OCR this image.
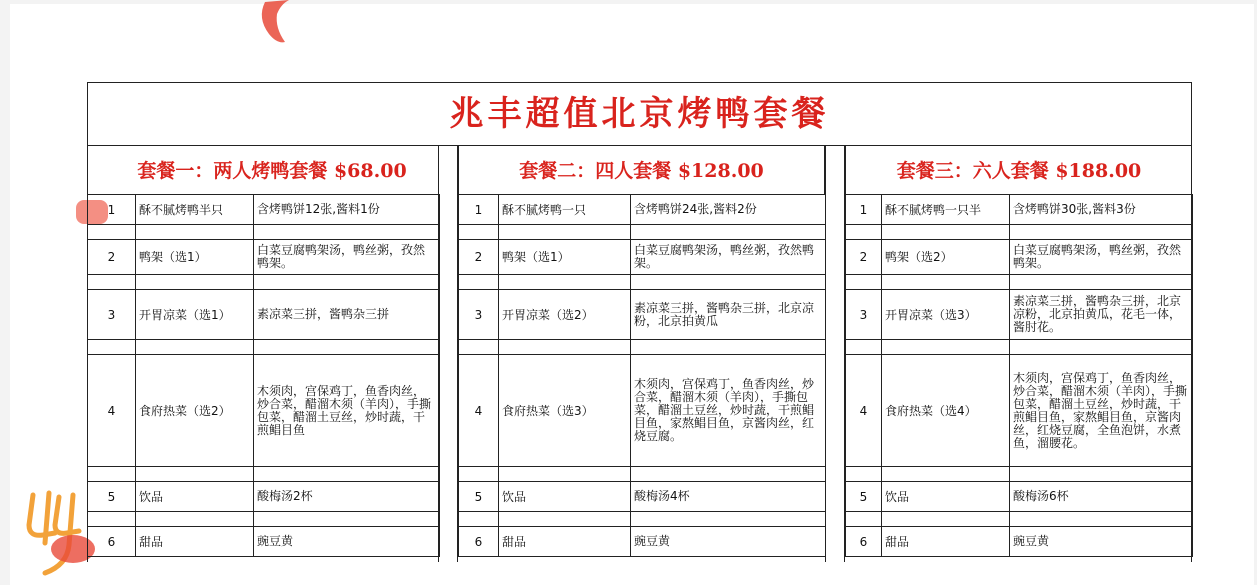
兆丰超值北京烤鸭套餐
套餐一：两人烤鸭套餐 $68.00	套餐二：四人套餐 $128.00	套餐三：六人套餐 $188.00
1	酥不腻烤鸭半只	含烤鸭饼12张,酱料1份

2	鸭架（选1）	白菜豆腐鸭架汤，鸭丝粥，孜然鸭架。

3	开胃凉菜（选1）	素凉菜三拼，酱鸭杂三拼

4	食府热菜（选2）	木须肉，宫保鸡丁，鱼香肉丝，炒合菜，醋溜木须（羊肉），手撕包菜，醋溜土豆丝，炒时蔬，干煎鲳目鱼

5	饮品	酸梅汤2杯

6	甜品	豌豆黄
1	酥不腻烤鸭一只	含烤鸭饼24张,酱料2份

2	鸭架（选1）	白菜豆腐鸭架汤，鸭丝粥，孜然鸭架。

3	开胃凉菜（选2）	素凉菜三拼，酱鸭杂三拼，北京凉粉，北京拍黄瓜

4	食府热菜（选3）	木须肉，宫保鸡丁，鱼香肉丝，炒合菜，醋溜木须（羊肉），手撕包菜，醋溜土豆丝，炒时蔬，干煎鲳目鱼，家熬鲳目鱼，京酱肉丝，红烧豆腐。

5	饮品	酸梅汤4杯

6	甜品	豌豆黄
1	酥不腻烤鸭一只半	含烤鸭饼30张,酱料3份

2	鸭架（选2）	白菜豆腐鸭架汤，鸭丝粥，孜然鸭架。

3	开胃凉菜（选3）	素凉菜三拼，酱鸭杂三拼，北京凉粉，北京拍黄瓜，花毛一体，酱肘花。

4	食府热菜（选4）	木须肉，宫保鸡丁，鱼香肉丝，炒合菜，醋溜木须（羊肉），手撕包菜，醋溜土豆丝，炒时蔬，干煎鲳目鱼，家熬鲳目鱼，京酱肉丝，红烧豆腐，全鱼泡饼，水煮鱼，溜腰花。

5	饮品	酸梅汤6杯

6	甜品	豌豆黄
